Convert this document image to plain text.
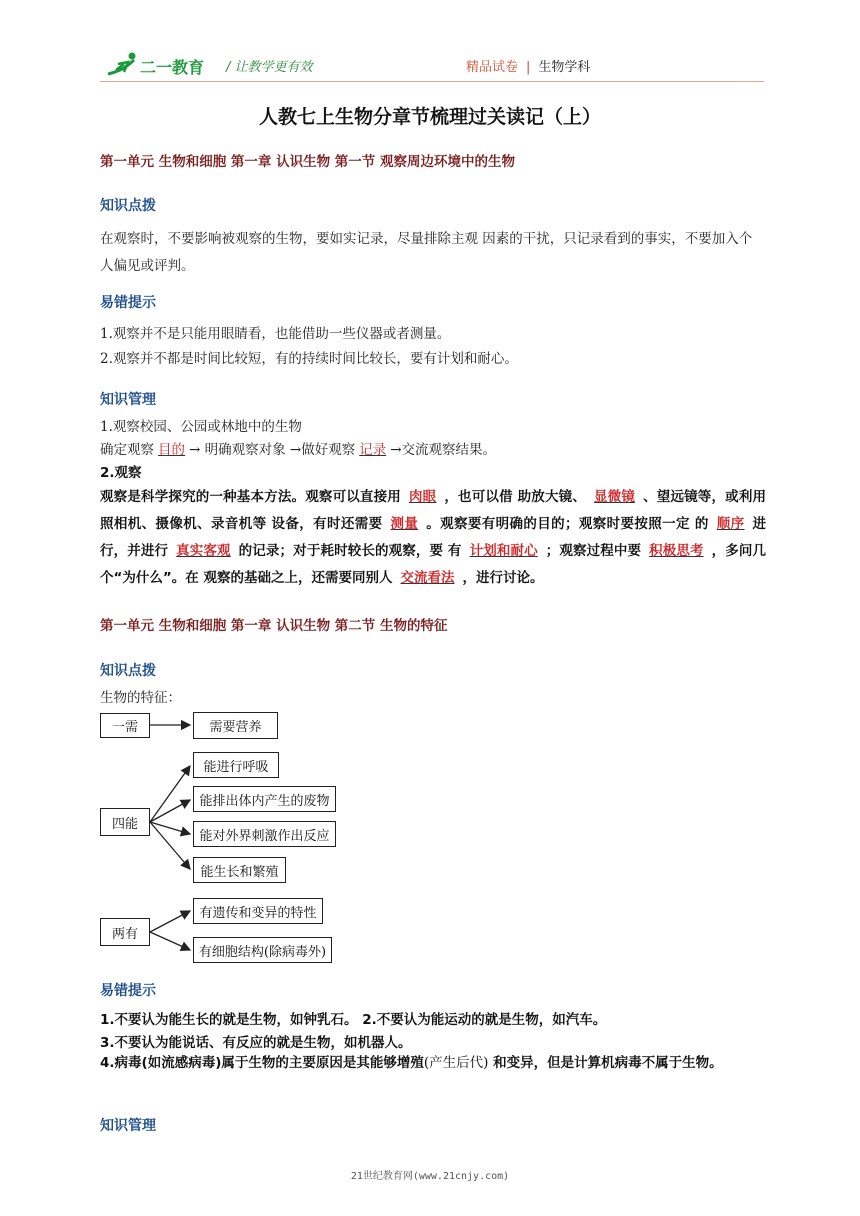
二一教育 / 让教学更有效	精品试卷 | 生物学科
人教七上生物分章节梳理过关读记（上）
第一单元 生物和细胞 第一章 认识生物 第一节 观察周边环境中的生物
知识点拨
在观察时，不要影响被观察的生物，要如实记录，尽量排除主观 因素的干扰，只记录看到的事实，不要加入个人偏见或评判。
易错提示
1.观察并不是只能用眼睛看，也能借助一些仪器或者测量。
2.观察并不都是时间比较短，有的持续时间比较长，要有计划和耐心。
知识管理
1.观察校园、公园或林地中的生物
确定观察 目的 → 明确观察对象 →做好观察 记录 →交流观察结果。
2.观察
观察是科学探究的一种基本方法。观察可以直接用 肉眼 ，也可以借 助放大镜、 显微镜 、望远镜等，或利用照相机、摄像机、录音机等 设备，有时还需要 测量 。观察要有明确的目的；观察时要按照一定 的 顺序 进行，并进行 真实客观 的记录；对于耗时较长的观察，要 有 计划和耐心 ；观察过程中要 积极思考 ，多问几个“为什么”。在 观察的基础之上，还需要同别人 交流看法 ，进行讨论。
第一单元 生物和细胞 第一章 认识生物 第二节 生物的特征
知识点拨
生物的特征：
一需	需要营养
四能
能进行呼吸
能排出体内产生的废物
能对外界刺激作出反应
能生长和繁殖
两有
有遗传和变异的特性
有细胞结构(除病毒外)
易错提示
1.不要认为能生长的就是生物，如钟乳石。 2.不要认为能运动的就是生物，如汽车。
3.不要认为能说话、有反应的就是生物，如机器人。
4.病毒(如流感病毒)属于生物的主要原因是其能够增殖(产生后代) 和变异，但是计算机病毒不属于生物。
知识管理
21世纪教育网(www.21cnjy.com)
